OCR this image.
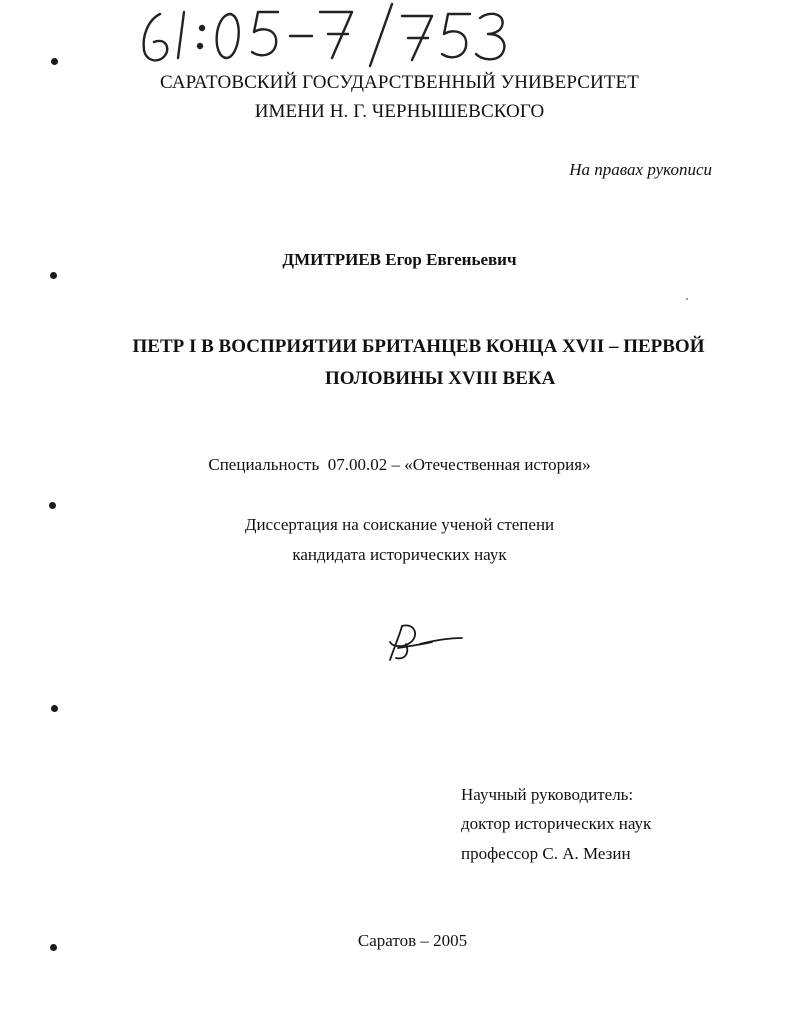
САРАТОВСКИЙ ГОСУДАРСТВЕННЫЙ УНИВЕРСИТЕТ
ИМЕНИ Н. Г. ЧЕРНЫШЕВСКОГО
На правах рукописи
ДМИТРИЕВ Егор Евгеньевич
ПЕТР I В ВОСПРИЯТИИ БРИТАНЦЕВ КОНЦА XVII – ПЕРВОЙ
ПОЛОВИНЫ XVIII ВЕКА
Специальность 07.00.02 – «Отечественная история»
Диссертация на соискание ученой степени
кандидата исторических наук
Научный руководитель:
доктор исторических наук
профессор С. А. Мезин
Саратов – 2005
